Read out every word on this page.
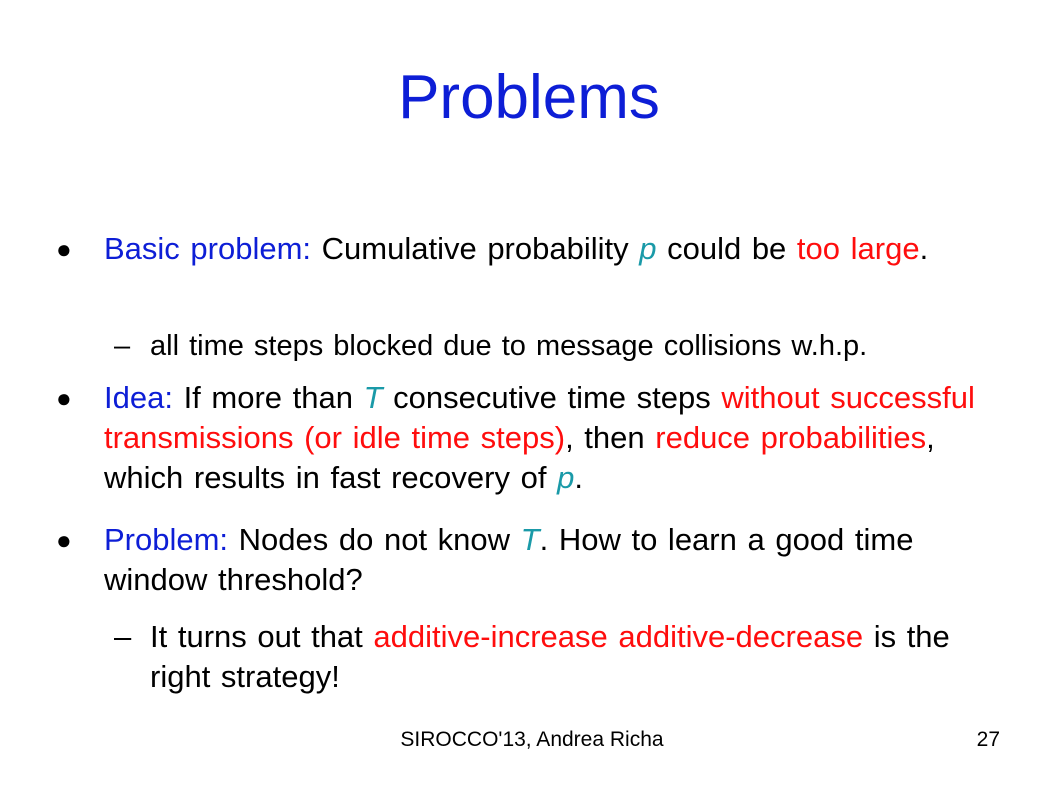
Problems
●	Basic problem: Cumulative probability p could be too large.
– all time steps blocked due to message collisions w.h.p.
●	Idea: If more than T consecutive time steps without successful transmissions (or idle time steps), then reduce probabilities, which results in fast recovery of p.
●	Problem: Nodes do not know T. How to learn a good time window threshold?
– It turns out that additive-increase additive-decrease is the right strategy!
SIROCCO'13, Andrea Richa	27
